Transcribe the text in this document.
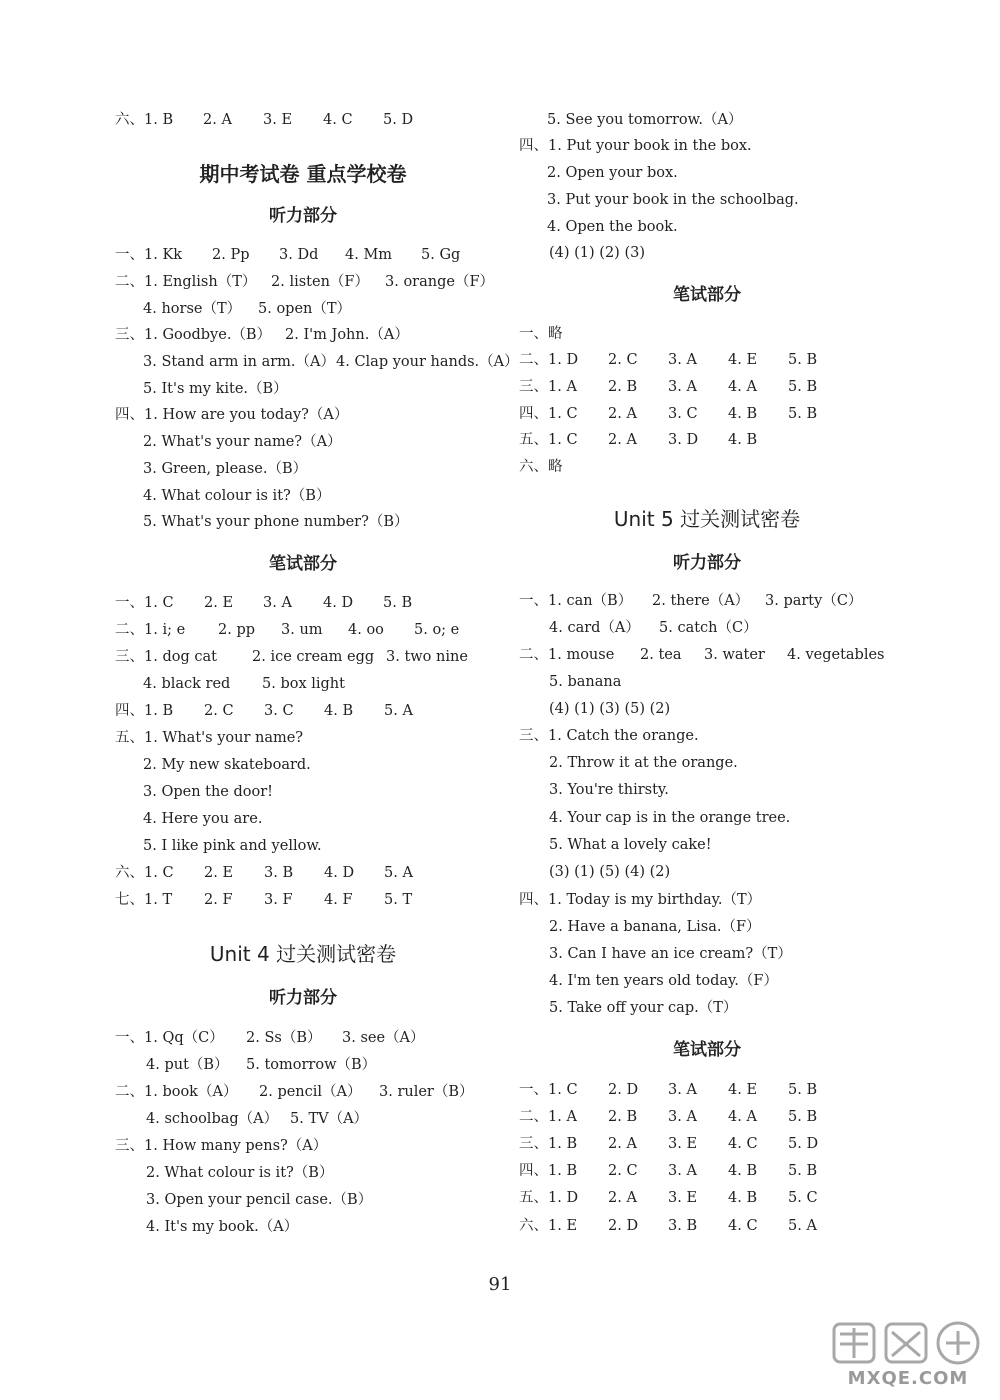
六、1. B 2. A 3. E 4. C 5. D
期中考试卷 重点学校卷
听力部分
一、1. Kk 2. Pp 3. Dd 4. Mm 5. Gg
二、1. English（T） 2. listen（F） 3. orange（F）
4. horse（T） 5. open（T）
三、1. Goodbye.（B） 2. I'm John.（A）
3. Stand arm in arm.（A） 4. Clap your hands.（A）
5. It's my kite.（B）
四、1. How are you today?（A）
2. What's your name?（A）
3. Green, please.（B）
4. What colour is it?（B）
5. What's your phone number?（B）
笔试部分
一、1. C 2. E 3. A 4. D 5. B
二、1. i; e 2. pp 3. um 4. oo 5. o; e
三、1. dog cat 2. ice cream egg 3. two nine
4. black red 5. box light
四、1. B 2. C 3. C 4. B 5. A
五、1. What's your name?
2. My new skateboard.
3. Open the door!
4. Here you are.
5. I like pink and yellow.
六、1. C 2. E 3. B 4. D 5. A
七、1. T 2. F 3. F 4. F 5. T
Unit 4 过关测试密卷
听力部分
一、1. Qq（C） 2. Ss（B） 3. see（A）
4. put（B） 5. tomorrow（B）
二、1. book（A） 2. pencil（A） 3. ruler（B）
4. schoolbag（A） 5. TV（A）
三、1. How many pens?（A）
2. What colour is it?（B）
3. Open your pencil case.（B）
4. It's my book.（A）
5. See you tomorrow.（A）
四、1. Put your book in the box.
2. Open your box.
3. Put your book in the schoolbag.
4. Open the book.
(4) (1) (2) (3)
笔试部分
一、略
二、1. D 2. C 3. A 4. E 5. B
三、1. A 2. B 3. A 4. A 5. B
四、1. C 2. A 3. C 4. B 5. B
五、1. C 2. A 3. D 4. B
六、略
Unit 5 过关测试密卷
听力部分
一、1. can（B） 2. there（A） 3. party（C）
4. card（A） 5. catch（C）
二、1. mouse 2. tea 3. water 4. vegetables
5. banana
(4) (1) (3) (5) (2)
三、1. Catch the orange.
2. Throw it at the orange.
3. You're thirsty.
4. Your cap is in the orange tree.
5. What a lovely cake!
(3) (1) (5) (4) (2)
四、1. Today is my birthday.（T）
2. Have a banana, Lisa.（F）
3. Can I have an ice cream?（T）
4. I'm ten years old today.（F）
5. Take off your cap.（T）
笔试部分
一、1. C 2. D 3. A 4. E 5. B
二、1. A 2. B 3. A 4. A 5. B
三、1. B 2. A 3. E 4. C 5. D
四、1. B 2. C 3. A 4. B 5. B
五、1. D 2. A 3. E 4. B 5. C
六、1. E 2. D 3. B 4. C 5. A
91
MXQE.COM
